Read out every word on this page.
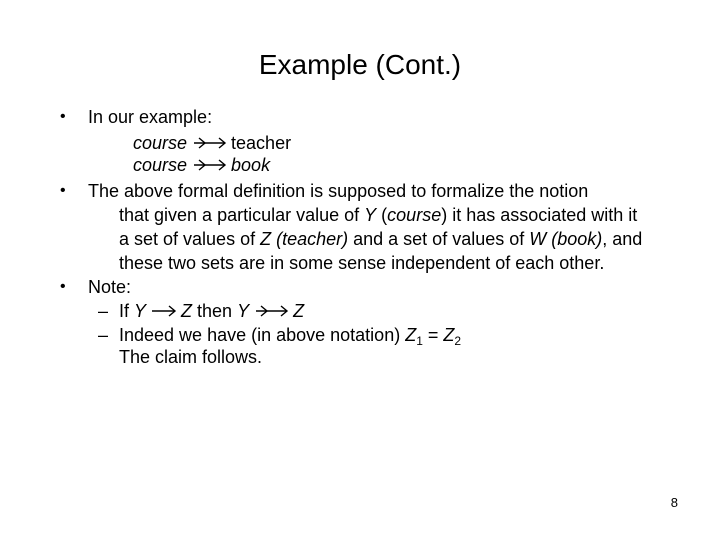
Example (Cont.)
• In our example:
course teacher
course book
• The above formal definition is supposed to formalize the notion
that given a particular value of Y (course) it has associated with it
a set of values of Z (teacher) and a set of values of W (book), and
these two sets are in some sense independent of each other.
• Note:
– If Y Z then Y Z
– Indeed we have (in above notation) $Z_1 = Z_2$
The claim follows.
8
